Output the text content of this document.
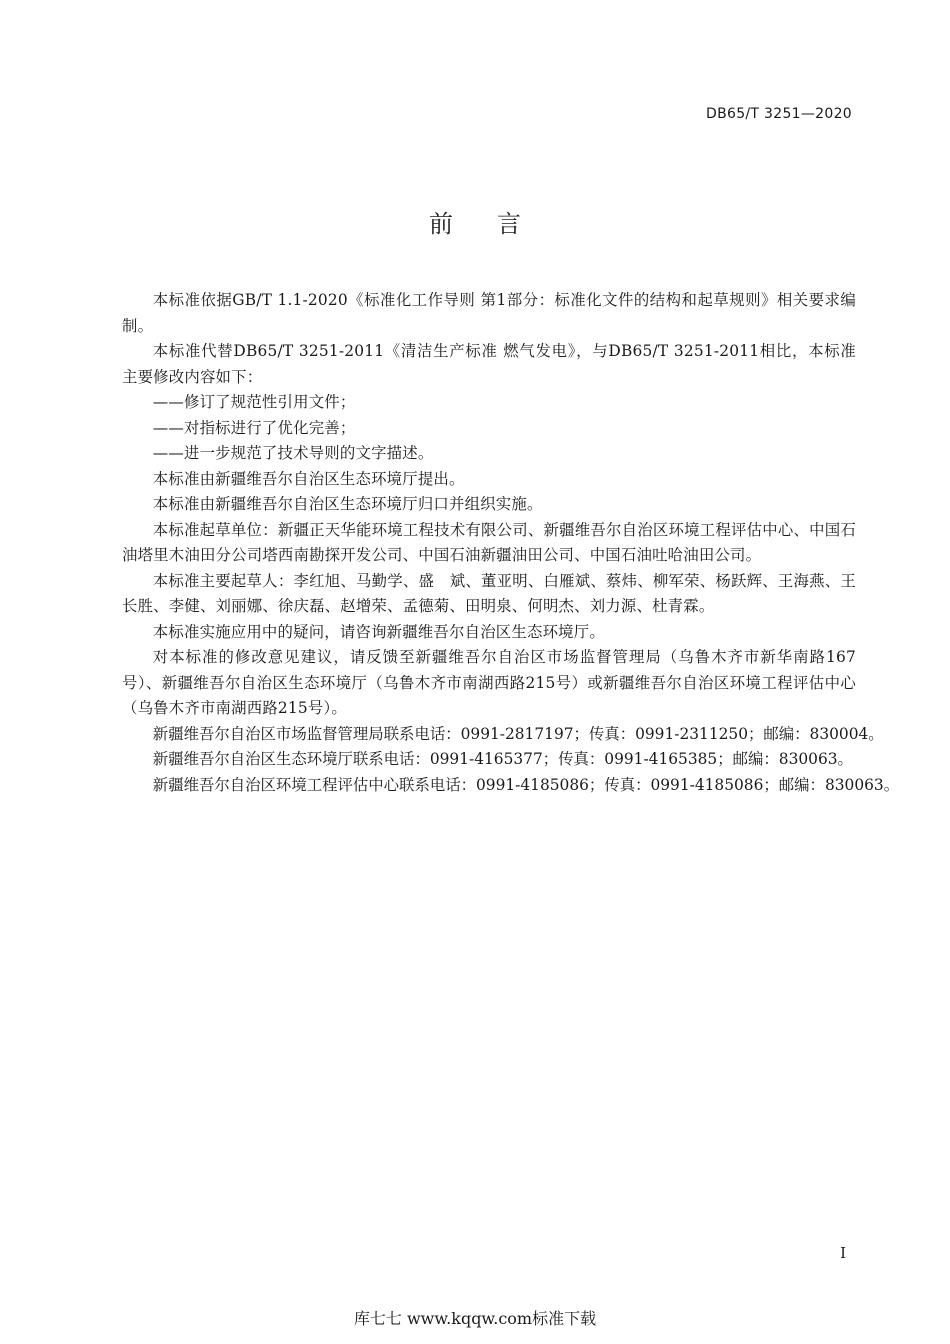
DB65/T 3251—2020
前言

本标准依据GB/T 1.1-2020《标准化工作导则 第1部分：标准化文件的结构和起草规则》相关要求编制。

本标准代替DB65/T 3251-2011《清洁生产标准 燃气发电》，与DB65/T 3251-2011相比，本标准主要修改内容如下：

——修订了规范性引用文件；

——对指标进行了优化完善；

——进一步规范了技术导则的文字描述。

本标准由新疆维吾尔自治区生态环境厅提出。

本标准由新疆维吾尔自治区生态环境厅归口并组织实施。

本标准起草单位：新疆正天华能环境工程技术有限公司、新疆维吾尔自治区环境工程评估中心、中国石油塔里木油田分公司塔西南勘探开发公司、中国石油新疆油田公司、中国石油吐哈油田公司。

本标准主要起草人：李红旭、马勤学、盛　斌、董亚明、白雁斌、蔡炜、柳军荣、杨跃辉、王海燕、王长胜、李健、刘丽娜、徐庆磊、赵增荣、孟德菊、田明泉、何明杰、刘力源、杜青霖。

本标准实施应用中的疑问，请咨询新疆维吾尔自治区生态环境厅。

对本标准的修改意见建议，请反馈至新疆维吾尔自治区市场监督管理局（乌鲁木齐市新华南路167号）、新疆维吾尔自治区生态环境厅（乌鲁木齐市南湖西路215号）或新疆维吾尔自治区环境工程评估中心（乌鲁木齐市南湖西路215号）。

新疆维吾尔自治区市场监督管理局联系电话：0991-2817197；传真：0991-2311250；邮编：830004。

新疆维吾尔自治区生态环境厅联系电话：0991-4165377；传真：0991-4165385；邮编：830063。

新疆维吾尔自治区环境工程评估中心联系电话：0991-4185086；传真：0991-4185086；邮编：830063。

I
库七七 www.kqqw.com标准下载
